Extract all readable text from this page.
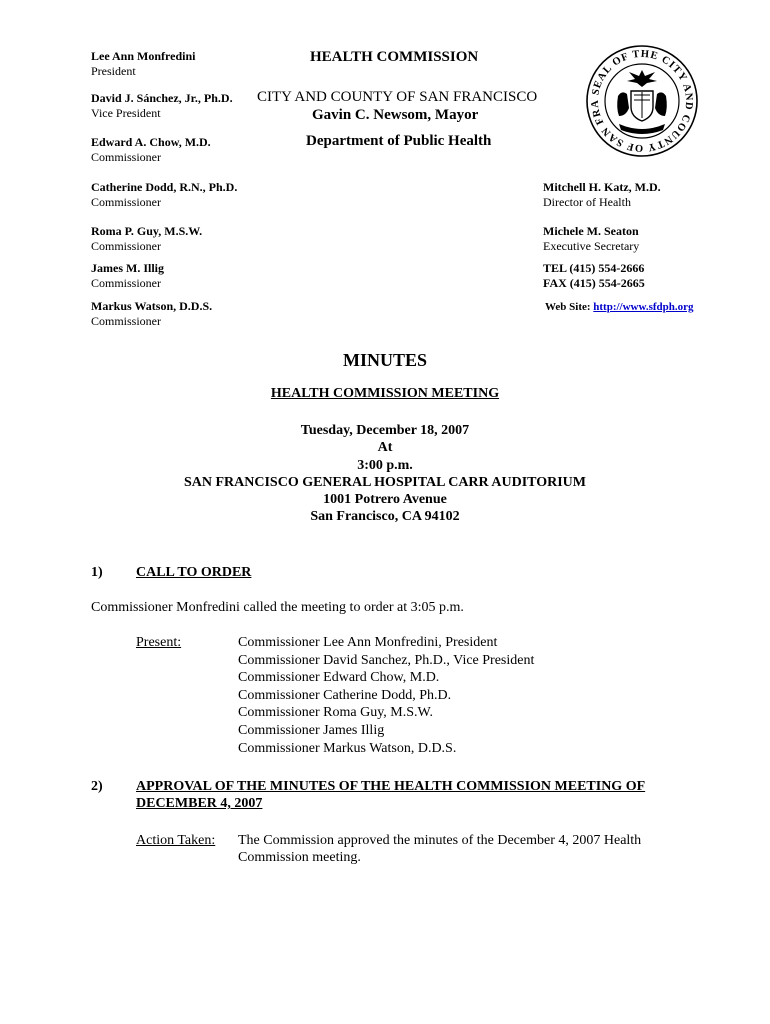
Lee Ann Monfredini
President
David J. Sánchez, Jr., Ph.D.
Vice President
Edward A. Chow, M.D.
Commissioner
Catherine Dodd, R.N., Ph.D.
Commissioner
Roma P. Guy, M.S.W.
Commissioner
James M. Illig
Commissioner
Markus Watson, D.D.S.
Commissioner
HEALTH COMMISSION
CITY AND COUNTY OF SAN FRANCISCO
Gavin C. Newsom, Mayor
Department of Public Health
SEAL OF THE CITY AND COUNTY OF SAN FRA
Mitchell H. Katz, M.D.
Director of Health
Michele M. Seaton
Executive Secretary
TEL (415) 554-2666
FAX (415) 554-2665
Web Site: http://www.sfdph.org
MINUTES
HEALTH COMMISSION MEETING
Tuesday, December 18, 2007
At
3:00 p.m.
SAN FRANCISCO GENERAL HOSPITAL CARR AUDITORIUM
1001 Potrero Avenue
San Francisco, CA 94102
1) CALL TO ORDER
Commissioner Monfredini called the meeting to order at 3:05 p.m.
Present:	Commissioner Lee Ann Monfredini, President
Commissioner David Sanchez, Ph.D., Vice President
Commissioner Edward Chow, M.D.
Commissioner Catherine Dodd, Ph.D.
Commissioner Roma Guy, M.S.W.
Commissioner James Illig
Commissioner Markus Watson, D.D.S.
2) APPROVAL OF THE MINUTES OF THE HEALTH COMMISSION MEETING OF
DECEMBER 4, 2007
Action Taken: The Commission approved the minutes of the December 4, 2007 Health
Commission meeting.
